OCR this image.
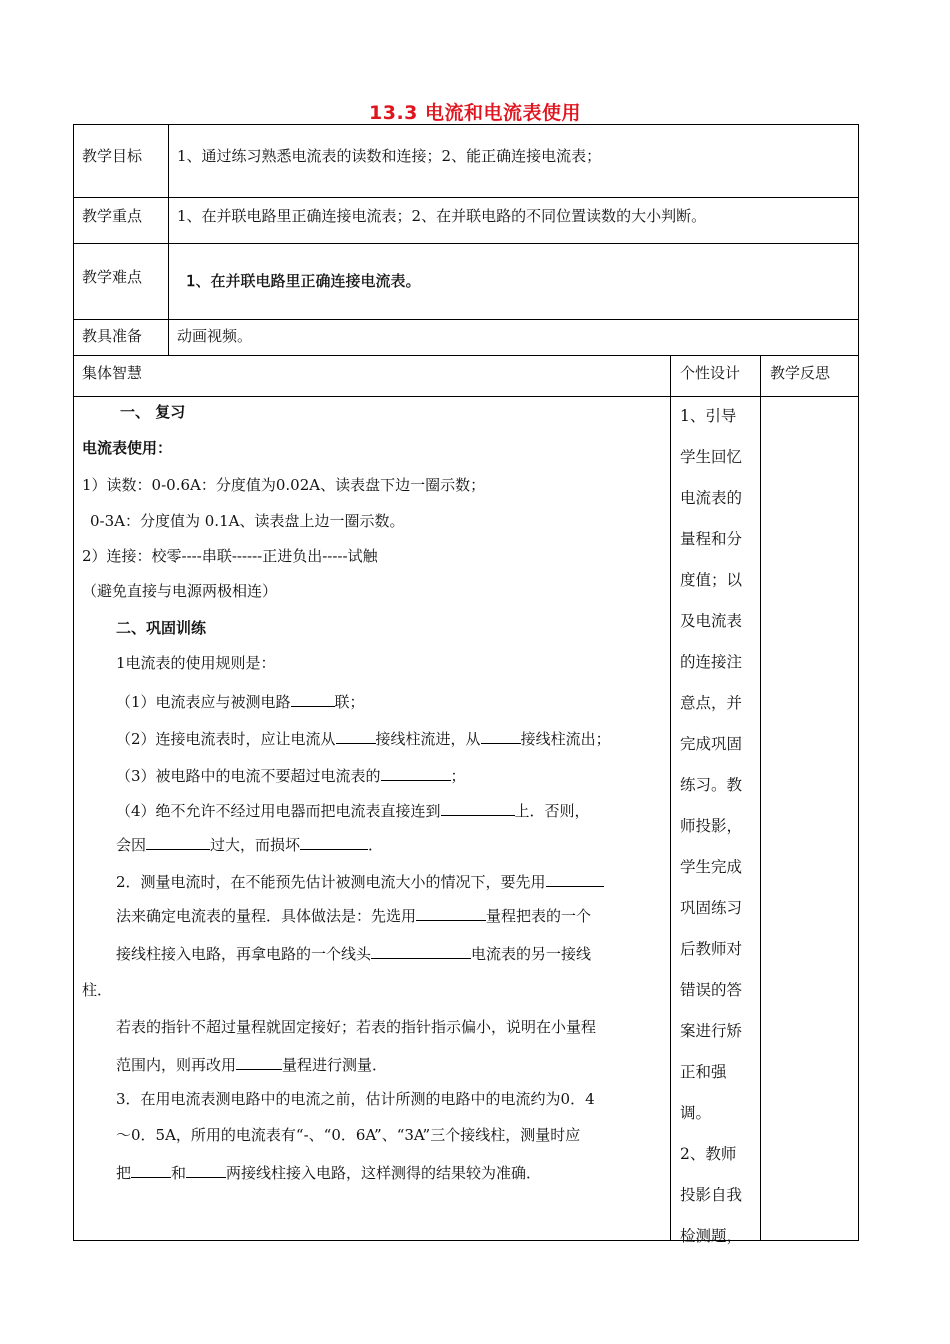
13.3 电流和电流表使用
教学目标 1、通过练习熟悉电流表的读数和连接；2、能正确连接电流表；
教学重点 1、在并联电路里正确连接电流表；2、在并联电路的不同位置读数的大小判断。
教学难点	1、在并联电路里正确连接电流表。
教具准备 动画视频。
集体智慧	个性设计 教学反思
一、 复习
电流表使用：
1）读数：0-0.6A：分度值为0.02A、读表盘下边一圈示数；
0-3A：分度值为 0.1A、读表盘上边一圈示数。
2）连接：校零----串联------正进负出-----试触
（避免直接与电源两极相连）
二、巩固训练
1电流表的使用规则是：
（1）电流表应与被测电路	联；
（2）连接电流表时，应让电流从	接线柱流进，从	接线柱流出；
（3）被电路中的电流不要超过电流表的	；
（4）绝不允许不经过用电器而把电流表直接连到	上．否则，
会因	过大，而损坏	．
2．测量电流时，在不能预先估计被测电流大小的情况下，要先用
法来确定电流表的量程．具体做法是：先选用	量程把表的一个
接线柱接入电路，再拿电路的一个线头	电流表的另一接线
柱．
若表的指针不超过量程就固定接好；若表的指针指示偏小，说明在小量程
范围内，则再改用	量程进行测量．
3．在用电流表测电路中的电流之前，估计所测的电路中的电流约为0．4
～0．5A，所用的电流表有“-、“0．6A”、“3A”三个接线柱，测量时应
把	和	两接线柱接入电路，这样测得的结果较为准确．
1、引导
学生回忆
电流表的
量程和分
度值；以
及电流表
的连接注
意点，并
完成巩固
练习。教
师投影，
学生完成
巩固练习
后教师对
错误的答
案进行矫
正和强
调。
2、教师
投影自我
检测题，
